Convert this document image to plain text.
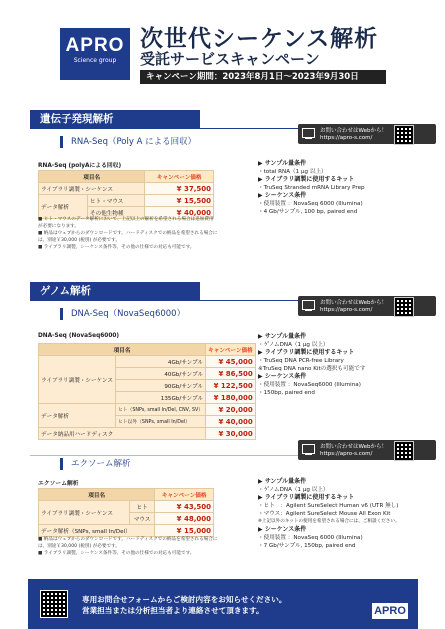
APRO
Science group
次世代シーケンス解析
受託サービスキャンペーン
キャンペーン期間：2023年8月1日〜2023年9月30日
遺伝子発現解析
RNA-Seq（Poly A による回収）
お問い合わせはWebから！
https://apro-s.com/
RNA-Seq (polyAによる回収)
項目名		キャンペーン価格
ライブラリ調製・シーケンス		¥ 37,500
データ解析	ヒト・マウス	¥ 15,500
	その他生物種	¥ 40,000
■ ヒト・マウスのデータ解析において、上記以上の解析を希望される場合は追加費用が必要になります。
■ 納品はウェブからのダウンロードです。ハードディスクでの納品を希望される場合には、別途￥30,000 (税別) が必要です。
■ ライブラリ調製、シーケンス条件等、その他の仕様での対応も可能です。
▶ サンプル量条件
・total RNA（1 μg 以上）
▶ ライブラリ調製に使用するキット
・TruSeq Stranded mRNA Library Prep
▶ シーケンス条件
・使用装置 ：NovaSeq 6000 (Illumina)
・4 Gb/サンプル, 100 bp, paired end
ゲノム解析
DNA-Seq（NovaSeq6000）
お問い合わせはWebから！
https://apro-s.com/
DNA-Seq (NovaSeq6000)
項目名		キャンペーン価格
ライブラリ調製・シーケンス	4Gb/サンプル	¥ 45,000
	40Gb/サンプル	¥ 86,500
	90Gb/サンプル	¥ 122,500
	135Gb/サンプル	¥ 180,000
データ解析	ヒト（SNPs, small In/Del, CNV, SV）	¥ 20,000
	ヒト以外（SNPs, small In/Del）	¥ 40,000
データ納品用ハードディスク		¥ 30,000
▶ サンプル量条件
・ゲノムDNA（1 μg 以上）
▶ ライブラリ調製に使用するキット
・TruSeq DNA PCR-free Library
※TruSeq DNA nano Kitの選択も可能です
▶ シーケンス条件
・使用装置 ：NovaSeq6000 (Illumina)
・150bp, paired end
エクソーム解析
お問い合わせはWebから！
https://apro-s.com/
エクソーム解析
項目名		キャンペーン価格
ライブラリ調製・シーケンス	ヒト	¥ 43,500
	マウス	¥ 48,000
データ解析（SNPs, small In/Del）		¥ 15,000
■ 納品はウェブからのダウンロードです。ハードディスクでの納品を希望される場合には、別途￥30,000 (税別) が必要です。
■ ライブラリ調製、シーケンス条件等、その他の仕様での対応も可能です。
▶ サンプル量条件
・ゲノムDNA（1 μg 以上）
▶ ライブラリ調製に使用するキット
・ヒト　：Agilent SureSelect Human v6 (UTR 無し)
・マウス：Agilent SureSelect Mouse All Exon Kit
※上記以外のキットの使用を希望される場合には、ご相談ください。
▶ シーケンス条件
・使用装置 ：NovaSeq 6000 (Illumina)
・7 Gb/サンプル, 150bp, paired end
専用お問合せフォームからご検討内容をお知らせください。
営業担当または分析担当者より連絡させて頂きます。	APRO
